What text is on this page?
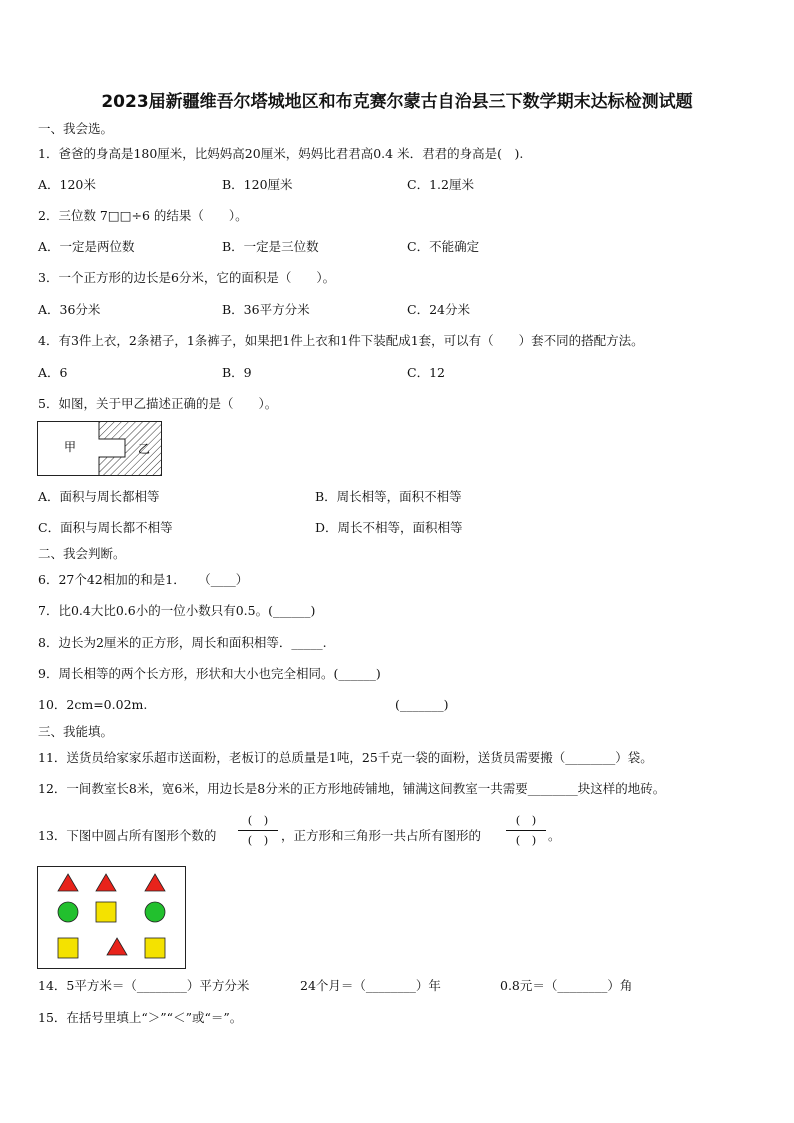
2023届新疆维吾尔塔城地区和布克赛尔蒙古自治县三下数学期末达标检测试题
一、我会选。
1．爸爸的身高是180厘米，比妈妈高20厘米，妈妈比君君高0.4 米．君君的身高是(　).
A．120米	B．120厘米	C．1.2厘米
2．三位数 7□□÷6 的结果（　　）。
A．一定是两位数	B．一定是三位数	C．不能确定
3．一个正方形的边长是6分米，它的面积是（　　）。
A．36分米	B．36平方分米	C．24分米
4．有3件上衣，2条裙子，1条裤子，如果把1件上衣和1件下装配成1套，可以有（　　）套不同的搭配方法。
A．6	B．9	C．12
5．如图，关于甲乙描述正确的是（　　）。
甲	乙
A．面积与周长都相等	B．周长相等，面积不相等
C．面积与周长都不相等	D．周长不相等，面积相等
二、我会判断。
6．27个42相加的和是1．　　（____）
7．比0.4大比0.6小的一位小数只有0.5。(______)
8．边长为2厘米的正方形，周长和面积相等．_____.
9．周长相等的两个长方形，形状和大小也完全相同。(______)
10．2cm=0.02m.	(_______)
三、我能填。
11．送货员给家家乐超市送面粉，老板订的总质量是1吨，25千克一袋的面粉，送货员需要搬（________）袋。
12．一间教室长8米，宽6米，用边长是8分米的正方形地砖铺地，铺满这间教室一共需要________块这样的地砖。
13．下图中圆占所有图形个数的
(　)
(　)	，正方形和三角形一共占所有图形的
(　)
(　) 。
14．5平方米＝（________）平方分米	24个月＝（________）年	0.8元＝（________）角
15．在括号里填上“＞”“＜”或“＝”。
